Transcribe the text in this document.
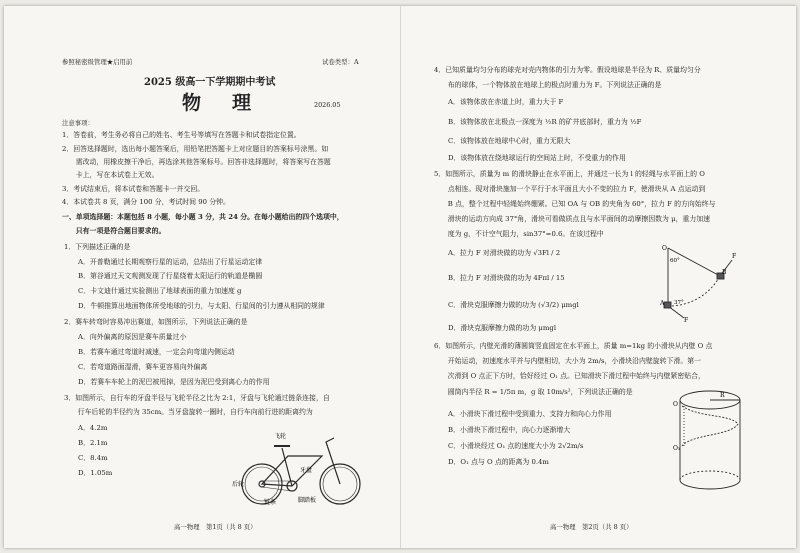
参照秘密级管理★启用前	试卷类型：A
2025 级高一下学期期中考试
物　理	2026.05
注意事项：
1．答卷前，考生务必将自己的姓名、考生号等填写在答题卡和试卷指定位置。
2．回答选择题时，选出每小题答案后，用铅笔把答题卡上对应题目的答案标号涂黑。如
　　需改动，用橡皮擦干净后，再选涂其他答案标号。回答非选择题时，将答案写在答题
　　卡上，写在本试卷上无效。
3．考试结束后，将本试卷和答题卡一并交回。
4．本试卷共 8 页，满分 100 分，考试时间 90 分钟。
一、单项选择题：本题包括 8 小题，每小题 3 分，共 24 分。在每小题给出的四个选项中，
　　只有一项是符合题目要求的。
1．下列描述正确的是
A．开普勒通过长期观察行星的运动，总结出了行星运动定律
B．第谷通过天文观测发现了行星绕着太阳运行的轨道是椭圆
C．卡文迪什通过实验测出了地球表面的重力加速度 g
D．牛顿推算出地面物体所受地球的引力，与太阳、行星间的引力遵从相同的规律
2．赛车转弯时容易冲出赛道，如图所示，下列说法正确的是
A．向外偏离的原因是赛车质量过小
B．若赛车通过弯道时减速，一定会向弯道内侧运动
C．若弯道路面湿滑，赛车更容易向外偏离
D．若赛车车轮上的泥巴被甩掉，是因为泥巴受到离心力的作用
3．如图所示，自行车的牙盘半径与飞轮半径之比为 2:1，牙盘与飞轮通过链条连接，自
　　行车后轮的半径约为 35cm。当牙盘旋转一圈时，自行车向前行进的距离约为
A．4.2m
B．2.1m
C．8.4m
D．1.05m
飞轮
牙盘
后轮
链条	脚踏板
高一物理　第1页（共 8 页）
4．已知质量均匀分布的球壳对壳内物体的引力为零。假设地球是半径为 R、质量均匀分
　　布的球体，一个物体放在地球上的极点时重力为 F。下列说法正确的是
A．该物体放在赤道上时，重力大于 F
B．该物体放在北极点一深度为 ½R 的矿井底部时，重力为 ½F
C．该物体放在地球中心时，重力无限大
D．该物体放在绕地球运行的空间站上时，不受重力的作用
5．如图所示，质量为 m 的滑块静止在水平面上，并通过一长为 l 的轻绳与水平面上的 O
　　点相连。现对滑块施加一个平行于水平面且大小不变的拉力 F，使滑块从 A 点运动到
　　B 点，整个过程中轻绳始终绷紧。已知 OA 与 OB 的夹角为 60°，拉力 F 的方向始终与
　　滑块的运动方向成 37°角，滑块可看做质点且与水平面间的动摩擦因数为 μ，重力加速
　　度为 g，不计空气阻力，sin37°=0.6。在该过程中
A．拉力 F 对滑块做的功为 √3Fl / 2
B．拉力 F 对滑块做的功为 4Fπl / 15
C．滑块克服摩擦力做的功为 (√3/2) μmgl
D．滑块克服摩擦力做的功为 μmgl
O
60°
F
B
A 37°
F
6．如图所示，内壁光滑的薄圆筒竖直固定在水平面上，质量 m=1kg 的小滑块从内壁 O 点
　　开始运动，初速度水平并与内壁相切，大小为 2m/s，小滑块沿内壁旋转下滑。第一
　　次滑到 O 点正下方时，恰好经过 O₁ 点。已知滑块下滑过程中始终与内壁紧密贴合，
　　圆筒内半径 R = 1/5π m，g 取 10m/s²，下列说法正确的是
A．小滑块下滑过程中受到重力、支持力和向心力作用
B．小滑块下滑过程中，向心力逐渐增大
C．小滑块经过 O₁ 点的速度大小为 2√2m/s
D．O₁ 点与 O 点的距离为 0.4m
R
O
O₁
高一物理　第2页（共 8 页）
